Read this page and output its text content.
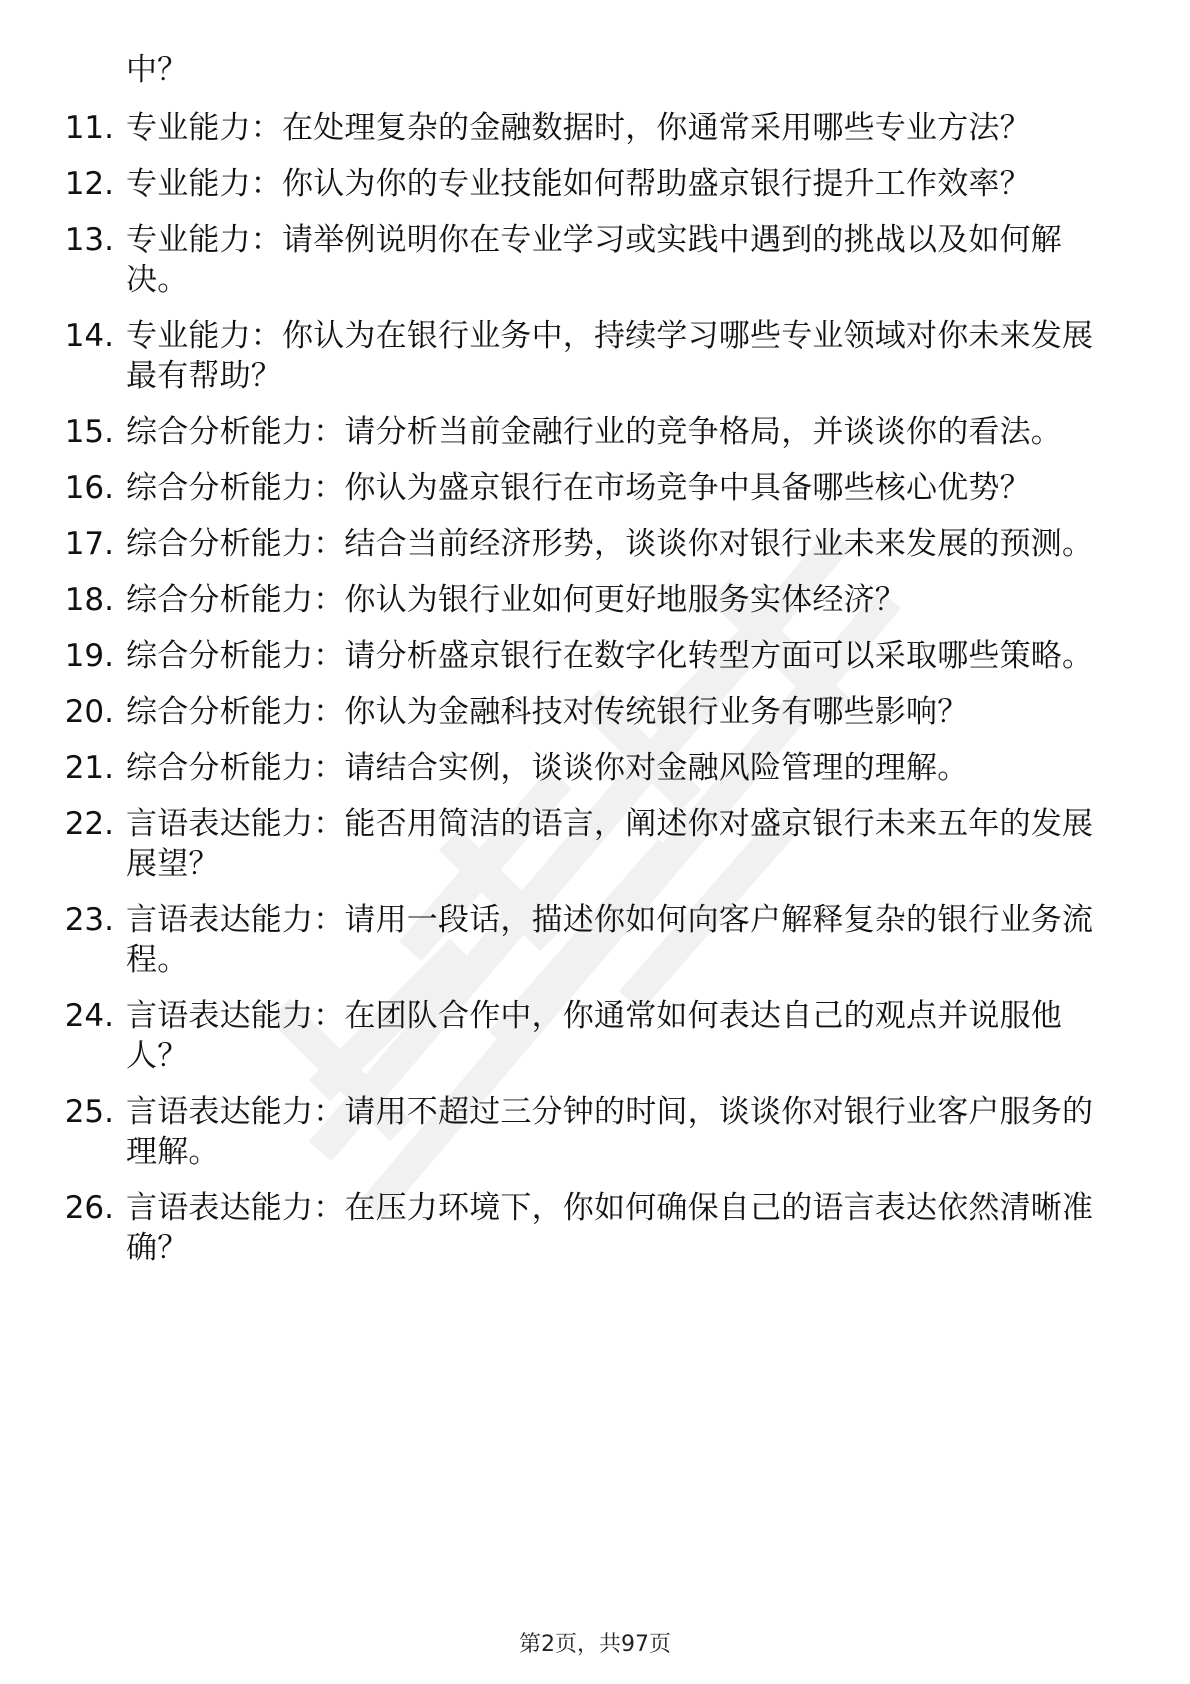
中？
11. 专业能力：在处理复杂的金融数据时，你通常采用哪些专业方法？
12. 专业能力：你认为你的专业技能如何帮助盛京银行提升工作效率？
13. 专业能力：请举例说明你在专业学习或实践中遇到的挑战以及如何解决。
14. 专业能力：你认为在银行业务中，持续学习哪些专业领域对你未来发展最有帮助？
15. 综合分析能力：请分析当前金融行业的竞争格局，并谈谈你的看法。
16. 综合分析能力：你认为盛京银行在市场竞争中具备哪些核心优势？
17. 综合分析能力：结合当前经济形势，谈谈你对银行业未来发展的预测。
18. 综合分析能力：你认为银行业如何更好地服务实体经济？
19. 综合分析能力：请分析盛京银行在数字化转型方面可以采取哪些策略。
20. 综合分析能力：你认为金融科技对传统银行业务有哪些影响？
21. 综合分析能力：请结合实例，谈谈你对金融风险管理的理解。
22. 言语表达能力：能否用简洁的语言，阐述你对盛京银行未来五年的发展展望？
23. 言语表达能力：请用一段话，描述你如何向客户解释复杂的银行业务流程。
24. 言语表达能力：在团队合作中，你通常如何表达自己的观点并说服他人？
25. 言语表达能力：请用不超过三分钟的时间，谈谈你对银行业客户服务的理解。
26. 言语表达能力：在压力环境下，你如何确保自己的语言表达依然清晰准确？
第2页，共97页
